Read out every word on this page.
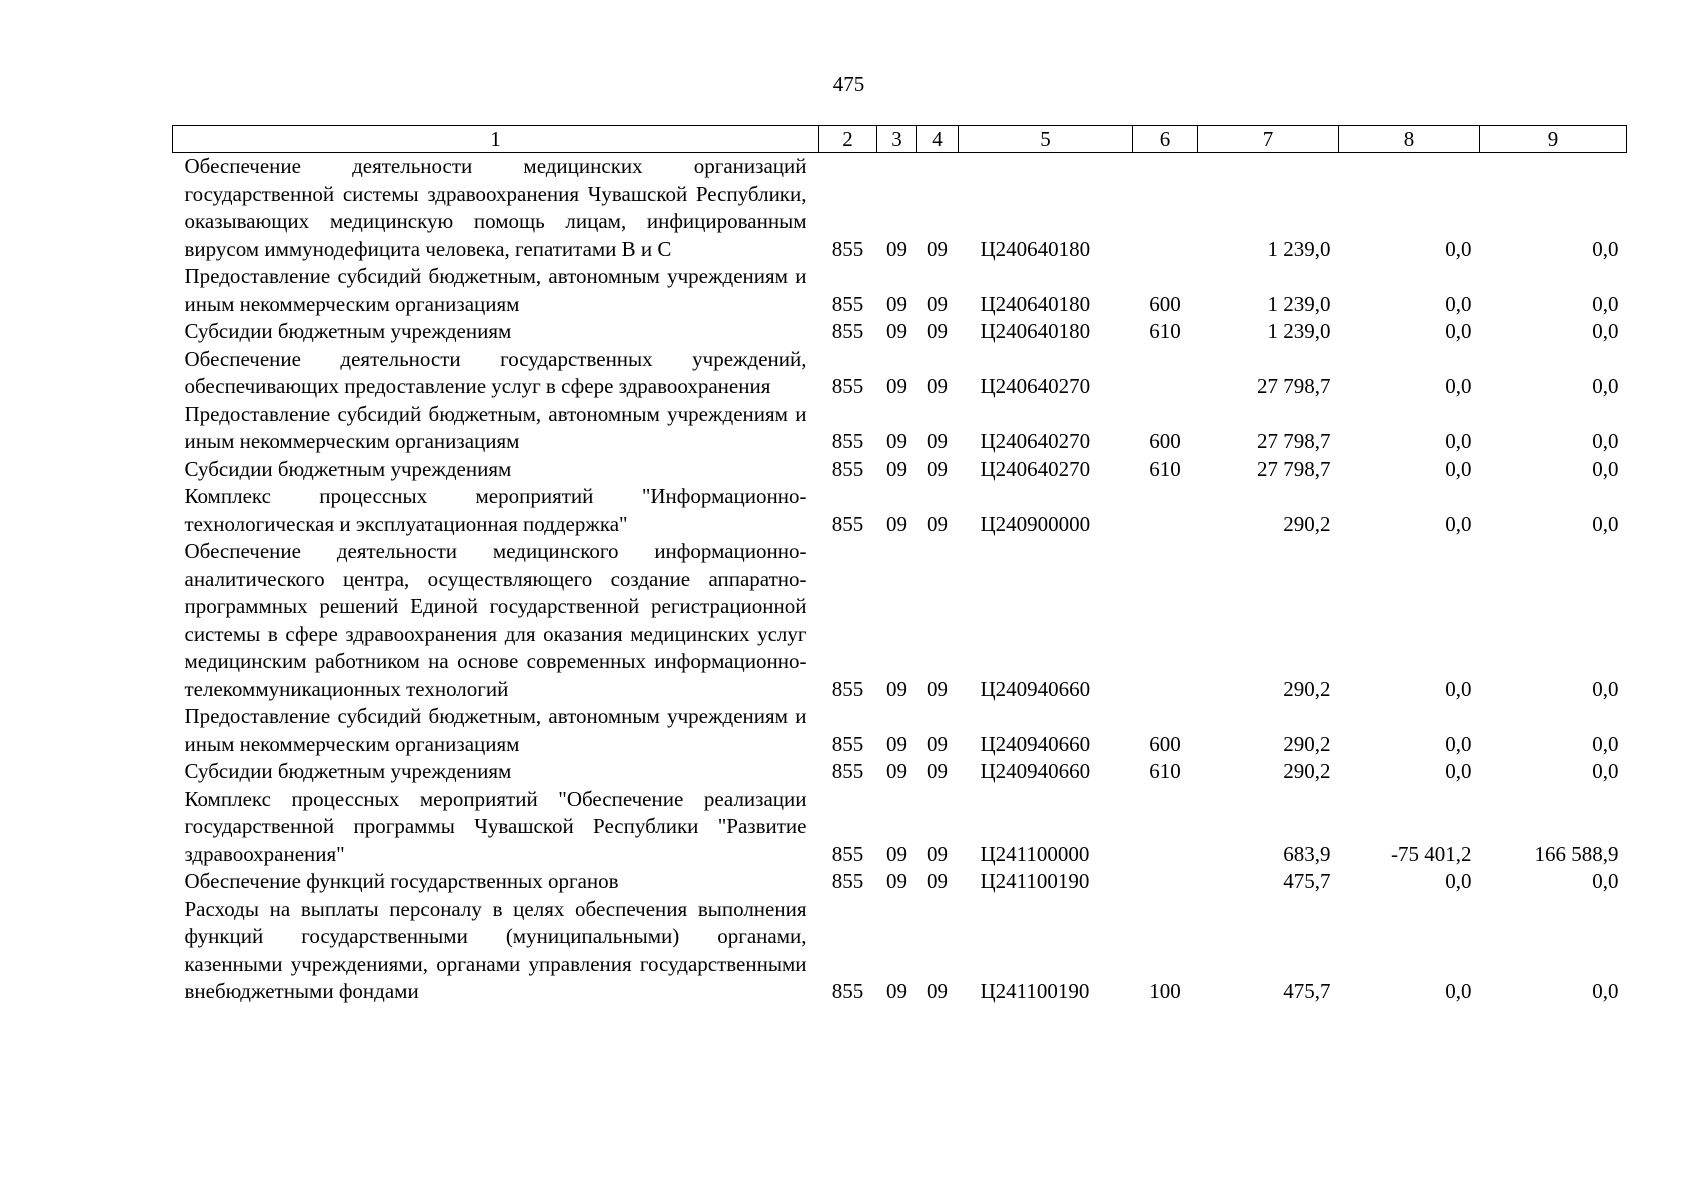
475
1	2	3	4	5	6	7	8	9
Обеспечение деятельности медицинских организаций государственной системы здравоохранения Чувашской Республики, оказывающих медицинскую помощь лицам, инфицированным вирусом иммунодефицита человека, гепатитами В и С	855	09	09	Ц240640180		1 239,0	0,0	0,0
Предоставление субсидий бюджетным, автономным учреждениям и иным некоммерческим организациям	855	09	09	Ц240640180	600	1 239,0	0,0	0,0
Субсидии бюджетным учреждениям	855	09	09	Ц240640180	610	1 239,0	0,0	0,0
Обеспечение деятельности государственных учреждений, обеспечивающих предоставление услуг в сфере здравоохранения	855	09	09	Ц240640270		27 798,7	0,0	0,0
Предоставление субсидий бюджетным, автономным учреждениям и иным некоммерческим организациям	855	09	09	Ц240640270	600	27 798,7	0,0	0,0
Субсидии бюджетным учреждениям	855	09	09	Ц240640270	610	27 798,7	0,0	0,0
Комплекс процессных мероприятий "Информационно-технологическая и эксплуатационная поддержка"	855	09	09	Ц240900000		290,2	0,0	0,0
Обеспечение деятельности медицинского информационно-аналитического центра, осуществляющего создание аппаратно-программных решений Единой государственной регистрационной системы в сфере здравоохранения для оказания медицинских услуг медицинским работником на основе современных информационно-телекоммуникационных технологий	855	09	09	Ц240940660		290,2	0,0	0,0
Предоставление субсидий бюджетным, автономным учреждениям и иным некоммерческим организациям	855	09	09	Ц240940660	600	290,2	0,0	0,0
Субсидии бюджетным учреждениям	855	09	09	Ц240940660	610	290,2	0,0	0,0
Комплекс процессных мероприятий "Обеспечение реализации государственной программы Чувашской Республики "Развитие здравоохранения"	855	09	09	Ц241100000		683,9	-75 401,2	166 588,9
Обеспечение функций государственных органов	855	09	09	Ц241100190		475,7	0,0	0,0
Расходы на выплаты персоналу в целях обеспечения выполнения функций государственными (муниципальными) органами, казенными учреждениями, органами управления государственными внебюджетными фондами	855	09	09	Ц241100190	100	475,7	0,0	0,0
